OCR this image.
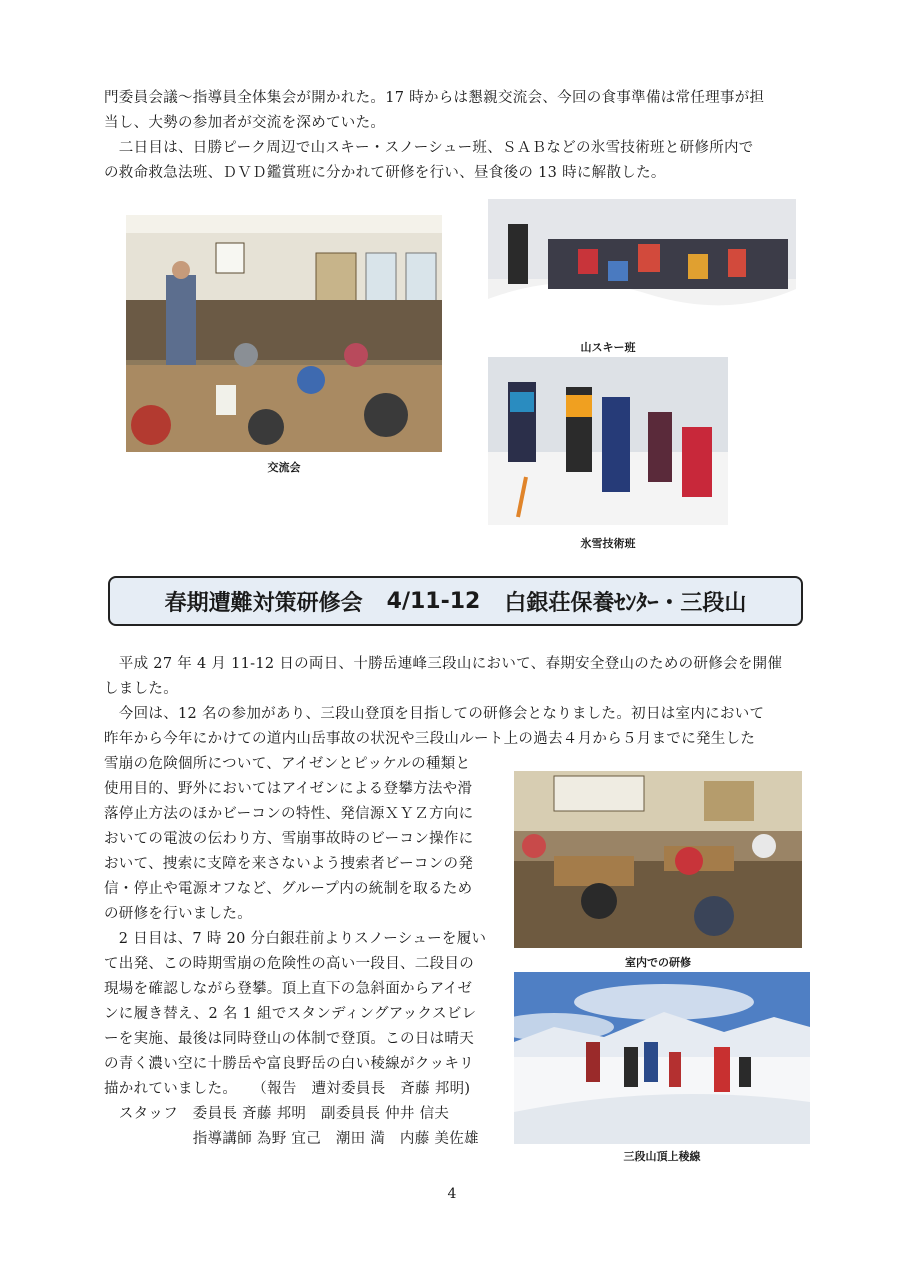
門委員会議～指導員全体集会が開かれた。17 時からは懇親交流会、今回の食事準備は常任理事が担

当し、大勢の参加者が交流を深めていた。

　二日目は、日勝ピーク周辺で山スキー・スノーシュー班、ＳＡＢなどの氷雪技術班と研修所内で

の救命救急法班、ＤＶＤ鑑賞班に分かれて研修を行い、昼食後の 13 時に解散した。

交流会
山スキー班
氷雪技術班
春期遭難対策研修会 4/11-12 白銀荘保養ｾﾝﾀｰ・三段山

　平成 27 年 4 月 11-12 日の両日、十勝岳連峰三段山において、春期安全登山のための研修会を開催

しました。

　今回は、12 名の参加があり、三段山登頂を目指しての研修会となりました。初日は室内において

昨年から今年にかけての道内山岳事故の状況や三段山ルート上の過去４月から５月までに発生した

雪崩の危険個所について、アイゼンとピッケルの種類と

使用目的、野外においてはアイゼンによる登攀方法や滑

落停止方法のほかビーコンの特性、発信源ＸＹＺ方向に

おいての電波の伝わり方、雪崩事故時のビーコン操作に

おいて、捜索に支障を来さないよう捜索者ビーコンの発

信・停止や電源オフなど、グループ内の統制を取るため

の研修を行いました。

　2 日目は、7 時 20 分白銀荘前よりスノーシューを履い

て出発、この時期雪崩の危険性の高い一段目、二段目の

現場を確認しながら登攀。頂上直下の急斜面からアイゼ

ンに履き替え、2 名 1 組でスタンディングアックスビレ

ーを実施、最後は同時登山の体制で登頂。この日は晴天

の青く濃い空に十勝岳や富良野岳の白い稜線がクッキリ

描かれていました。　　（報告　遭対委員長　斉藤 邦明)

　スタッフ　委員長 斉藤 邦明　副委員長 仲井 信夫

　　　　　　指導講師 為野 宜己　潮田 満　内藤 美佐雄

室内での研修
三段山頂上稜線
4
